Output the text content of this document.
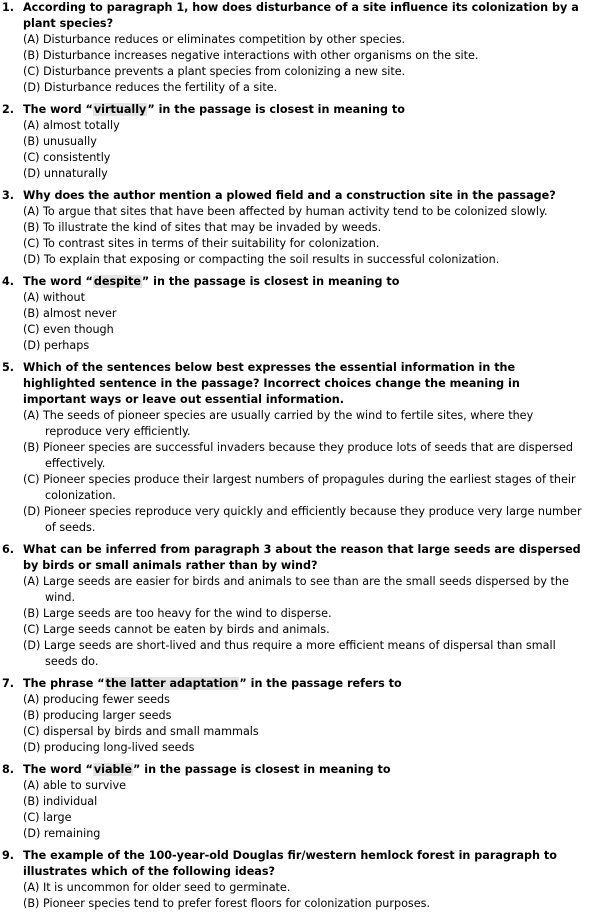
1. According to paragraph 1, how does disturbance of a site influence its colonization by a plant species?
(A) Disturbance reduces or eliminates competition by other species.
(B) Disturbance increases negative interactions with other organisms on the site.
(C) Disturbance prevents a plant species from colonizing a new site.
(D) Disturbance reduces the fertility of a site.
2. The word “virtually” in the passage is closest in meaning to
(A) almost totally
(B) unusually
(C) consistently
(D) unnaturally
3. Why does the author mention a plowed field and a construction site in the passage?
(A) To argue that sites that have been affected by human activity tend to be colonized slowly.
(B) To illustrate the kind of sites that may be invaded by weeds.
(C) To contrast sites in terms of their suitability for colonization.
(D) To explain that exposing or compacting the soil results in successful colonization.
4. The word “despite” in the passage is closest in meaning to
(A) without
(B) almost never
(C) even though
(D) perhaps
5. Which of the sentences below best expresses the essential information in the highlighted sentence in the passage? Incorrect choices change the meaning in important ways or leave out essential information.
(A) The seeds of pioneer species are usually carried by the wind to fertile sites, where they reproduce very efficiently.
(B) Pioneer species are successful invaders because they produce lots of seeds that are dispersed effectively.
(C) Pioneer species produce their largest numbers of propagules during the earliest stages of their colonization.
(D) Pioneer species reproduce very quickly and efficiently because they produce very large number of seeds.
6. What can be inferred from paragraph 3 about the reason that large seeds are dispersed by birds or small animals rather than by wind?
(A) Large seeds are easier for birds and animals to see than are the small seeds dispersed by the wind.
(B) Large seeds are too heavy for the wind to disperse.
(C) Large seeds cannot be eaten by birds and animals.
(D) Large seeds are short-lived and thus require a more efficient means of dispersal than small seeds do.
7. The phrase “the latter adaptation” in the passage refers to
(A) producing fewer seeds
(B) producing larger seeds
(C) dispersal by birds and small mammals
(D) producing long-lived seeds
8. The word “viable” in the passage is closest in meaning to
(A) able to survive
(B) individual
(C) large
(D) remaining
9. The example of the 100-year-old Douglas fir/western hemlock forest in paragraph to illustrates which of the following ideas?
(A) It is uncommon for older seed to germinate.
(B) Pioneer species tend to prefer forest floors for colonization purposes.
